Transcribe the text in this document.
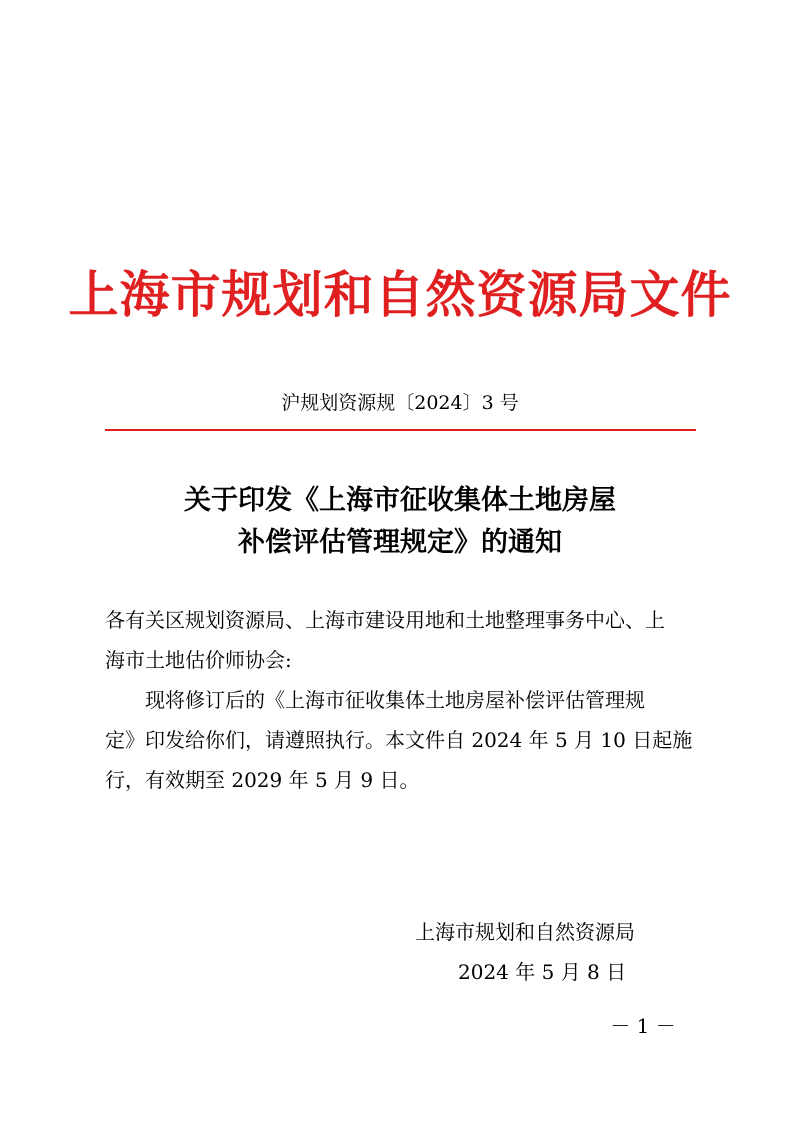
上海市规划和自然资源局文件
沪规划资源规〔2024〕3 号
关于印发《上海市征收集体土地房屋
补偿评估管理规定》的通知
各有关区规划资源局、上海市建设用地和土地整理事务中心、上
海市土地估价师协会:
现将修订后的《上海市征收集体土地房屋补偿评估管理规
定》印发给你们，请遵照执行。本文件自 2024 年 5 月 10 日起施
行，有效期至 2029 年 5 月 9 日。
上海市规划和自然资源局
2024 年 5 月 8 日
－ 1 －
